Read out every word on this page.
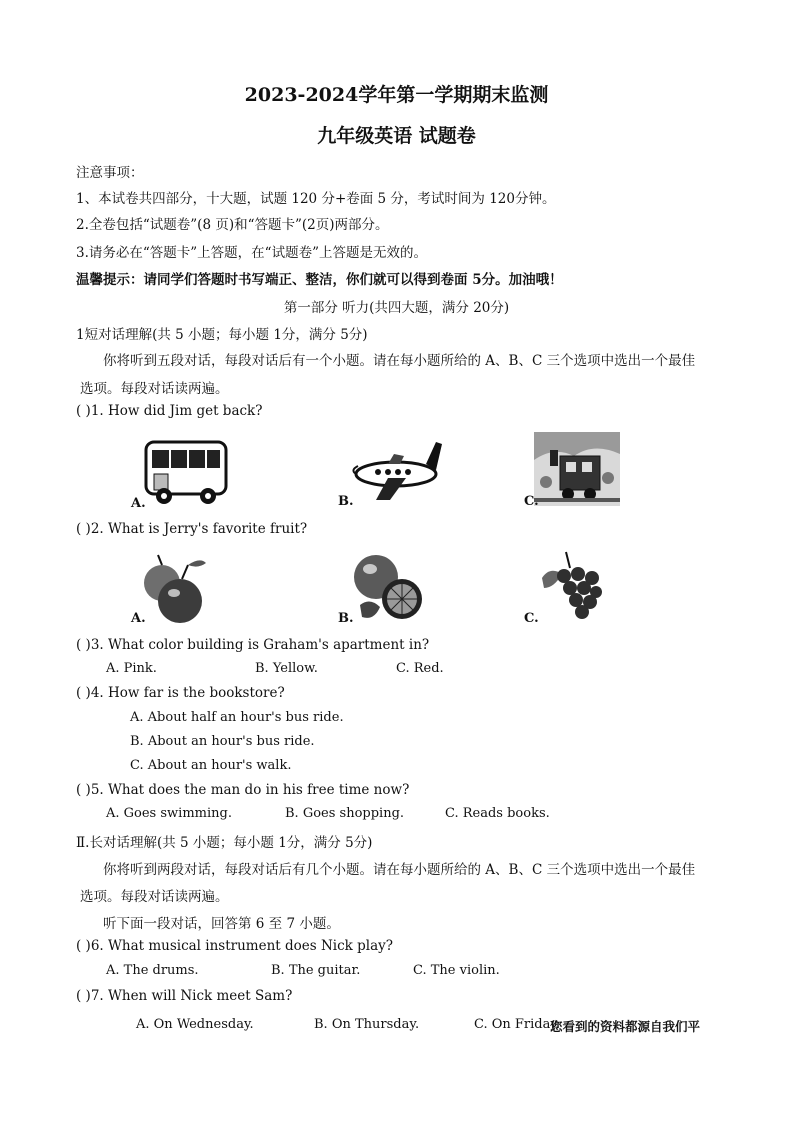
2023-2024学年第一学期期末监测
九年级英语 试题卷
注意事项：
1、本试卷共四部分，十大题，试题 120 分+卷面 5 分，考试时间为 120分钟。
2.全卷包括“试题卷”(8 页)和“答题卡”(2页)两部分。
3.请务必在“答题卡”上答题，在“试题卷”上答题是无效的。
温馨提示：请同学们答题时书写端正、整洁，你们就可以得到卷面 5分。加油哦！
第一部分 听力(共四大题，满分 20分)
1短对话理解(共 5 小题；每小题 1分，满分 5分)
你将听到五段对话，每段对话后有一个小题。请在每小题所给的 A、B、C 三个选项中选出一个最佳
选项。每段对话读两遍。
( )1. How did Jim get back?
A.	B.	C.
( )2. What is Jerry's favorite fruit?
A.	B.	C.
( )3. What color building is Graham's apartment in?
A. Pink.	B. Yellow.	C. Red.
( )4. How far is the bookstore?
A. About half an hour's bus ride.
B. About an hour's bus ride.
C. About an hour's walk.
( )5. What does the man do in his free time now?
A. Goes swimming.	B. Goes shopping.	C. Reads books.
Ⅱ.长对话理解(共 5 小题；每小题 1分，满分 5分)
你将听到两段对话，每段对话后有几个小题。请在每小题所给的 A、B、C 三个选项中选出一个最佳
选项。每段对话读两遍。
听下面一段对话，回答第 6 至 7 小题。
( )6. What musical instrument does Nick play?
A. The drums.	B. The guitar.	C. The violin.
( )7. When will Nick meet Sam?
A. On Wednesday.	B. On Thursday.	C. On Friday.
您看到的资料都源自我们平
